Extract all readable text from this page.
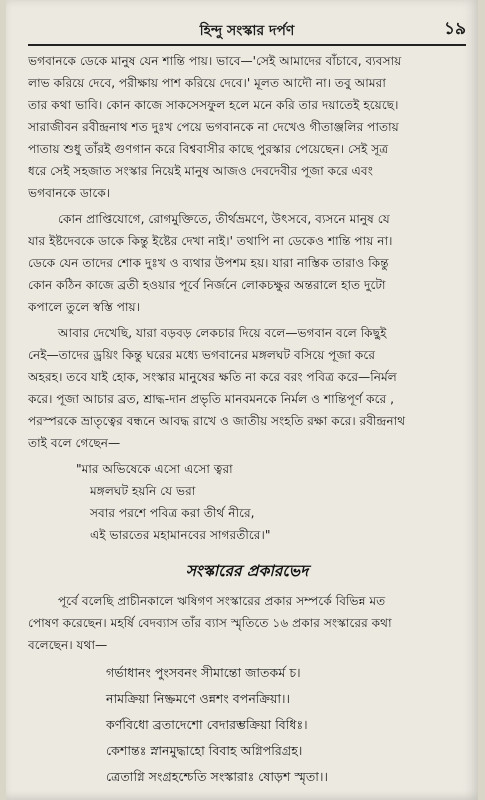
হিন্দু সংস্কার দর্পণ	১৯
ভগবানকে ডেকে মানুষ যেন শান্তি পায়। ভাবে—'সেই আমাদের বাঁচাবে, ব্যবসায়
লাভ করিয়ে দেবে, পরীক্ষায় পাশ করিয়ে দেবে।' মূলত আদৌ না। তবু আমরা
তার কথা ভাবি। কোন কাজে সাকসেসফুল হলে মনে করি তার দয়াতেই হয়েছে।
সারাজীবন রবীন্দ্রনাথ শত দুঃখ পেয়ে ভগবানকে না দেখেও গীতাঞ্জলির পাতায়
পাতায় শুধু তাঁরই গুণগান করে বিশ্ববাসীর কাছে পুরস্কার পেয়েছেন। সেই সূত্র
ধরে সেই সহজাত সংস্কার নিয়েই মানুষ আজও দেবদেবীর পূজা করে এবং
ভগবানকে ডাকে।
কোন প্রাপ্তিযোগে, রোগমুক্তিতে, তীর্থভ্রমণে, উৎসবে, ব্যসনে মানুষ যে
যার ইষ্টদেবকে ডাকে কিন্তু ইষ্টের দেখা নাই।' তথাপি না ডেকেও শান্তি পায় না।
ডেকে যেন তাদের শোক দুঃখ ও ব্যথার উপশম হয়। যারা নাস্তিক তারাও কিন্তু
কোন কঠিন কাজে ব্রতী হওয়ার পূর্বে নির্জনে লোকচক্ষুর অন্তরালে হাত দুটো
কপালে তুলে স্বস্তি পায়।
আবার দেখেছি, যারা বড়বড় লেকচার দিয়ে বলে—ভগবান বলে কিছুই
নেই—তাদের ড্রয়িং কিন্তু ঘরের মধ্যে ভগবানের মঙ্গলঘট বসিয়ে পূজা করে
অহরহ। তবে যাই হোক, সংস্কার মানুষের ক্ষতি না করে বরং পবিত্র করে—নির্মল
করে। পূজা আচার ব্রত, শ্রাদ্ধ-দান প্রভৃতি মানবমনকে নির্মল ও শান্তিপূর্ণ করে ,
পরস্পরকে ভ্রাতৃত্বের বন্ধনে আবদ্ধ রাখে ও জাতীয় সংহতি রক্ষা করে। রবীন্দ্রনাথ
তাই বলে গেছেন—
"মার অভিষেকে এসো এসো ত্বরা
মঙ্গলঘট হয়নি যে ভরা
সবার পরশে পবিত্র করা তীর্থ নীরে,
এই ভারতের মহামানবের সাগরতীরে।"
সংস্কারের প্রকারভেদ
পূর্বে বলেছি প্রাচীনকালে ঋষিগণ সংস্কারের প্রকার সম্পর্কে বিভিন্ন মত
পোষণ করেছেন। মহর্ষি বেদব্যাস তাঁর ব্যাস স্মৃতিতে ১৬ প্রকার সংস্কারের কথা
বলেছেন। যথা—
গর্ভাধানং পুংসবনং সীমান্তো জাতকর্ম চ।
নামক্রিয়া নিষ্ক্রমণে ওন্নশং বপনক্রিয়া।।
কর্ণবিধো ব্রতাদেশো বেদারম্ভক্রিয়া বিধিঃ।
কেশান্তঃ স্নানমুদ্ধাহো বিবাহ অগ্নিপরিগ্রহ।
ত্রেতাগ্নি সংগ্রহশ্চেতি সংস্কারাঃ ষোড়শ স্মৃতা।।
